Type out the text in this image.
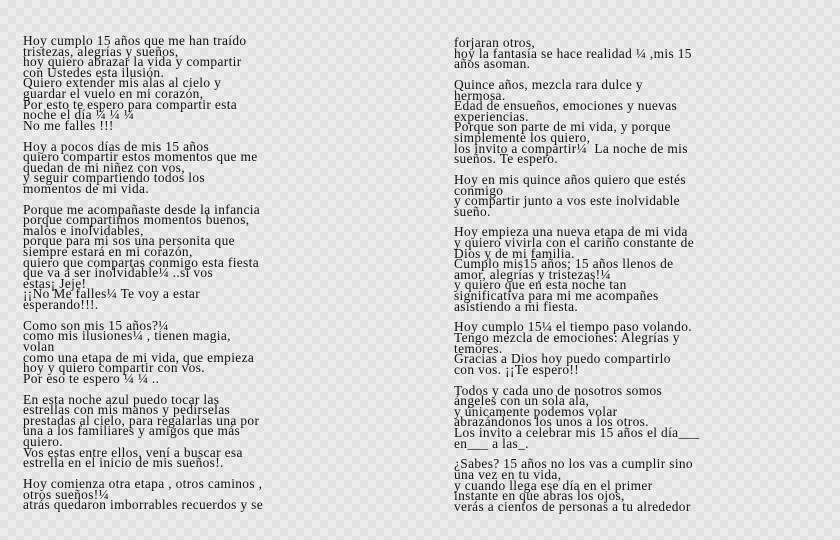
Hoy cumplo 15 años que me han traído
tristezas, alegrías y sueños,
hoy quiero abrazar la vida y compartir
con Ustedes esta ilusión.
Quiero extender mis alas al cielo y
guardar el vuelo en mi corazón,
Por esto te espero para compartir esta
noche el día ¼ ¼ ¼
No me falles !!!
Hoy a pocos días de mis 15 años
quiero compartir estos momentos que me
quedan de mi niñez con vos,
y seguir compartiendo todos los
momentos de mi vida.
Porque me acompañaste desde la infancia
porque compartimos momentos buenos,
malos e inolvidables,
porque para mi sos una personita que
siempre estará en mi corazón,
quiero que compartas conmigo esta fiesta
que va a ser inolvidable¼ ..si vos
estas¡ Jeje!
¡¡No Me falles¼ Te voy a estar
esperando!!!.
Como son mis 15 años?¼
como mis ilusiones¼ , tienen magia,
volan
como una etapa de mi vida, que empieza
hoy y quiero compartir con vos.
Por eso te espero ¼ ¼ ..
En esta noche azul puedo tocar las
estrellas con mis manos y pedírselas
prestadas al cielo, para regalarlas una por
una a los familiares y amigos que más
quiero.
Vos estas entre ellos, vení a buscar esa
estrella en el inicio de mis sueños!.
Hoy comienza otra etapa , otros caminos ,
otros sueños!¼
atrás quedaron imborrables recuerdos y se
forjaran otros,
hoy la fantasía se hace realidad ¼ ,mis 15
años asoman.
Quince años, mezcla rara dulce y
hermosa.
Edad de ensueños, emociones y nuevas
experiencias.
Porque son parte de mi vida, y porque
simplemente los quiero,
los invito a compartir¼  La noche de mis
sueños. Te espero.
Hoy en mis quince años quiero que estés
conmigo
y compartir junto a vos este inolvidable
sueño.
Hoy empieza una nueva etapa de mi vida
y quiero vivirla con el cariño constante de
Dios y de mi familia.
Cumplo mis15 años; 15 años llenos de
amor, alegrías y tristezas!¼
y quiero que en esta noche tan
significativa para mi me acompañes
asistiendo a mi fiesta.
Hoy cumplo 15¼ el tiempo paso volando.
Tengo mezcla de emociones: Alegrías y
temores.
Gracias a Dios hoy puedo compartirlo
con vos. ¡¡Te espero!!
Todos y cada uno de nosotros somos
ángeles con un sola ala,
y únicamente podemos volar
abrazándonos los unos a los otros.
Los invito a celebrar mis 15 años el día___
en___ a las_.
¿Sabes? 15 años no los vas a cumplir sino
una vez en tu vida,
y cuando llega ese día en el primer
instante en que abras los ojos,
verás a cientos de personas a tu alrededor
